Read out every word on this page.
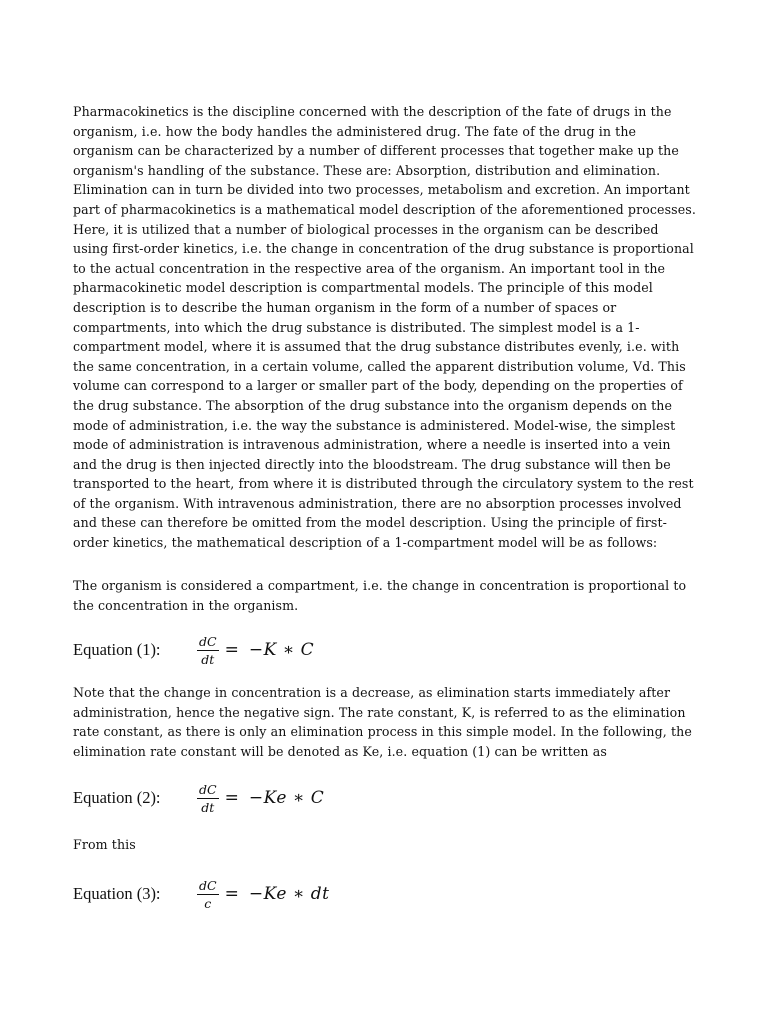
Pharmacokinetics is the discipline concerned with the description of the fate of drugs in the organism, i.e. how the body handles the administered drug. The fate of the drug in the organism can be characterized by a number of different processes that together make up the organism's handling of the substance. These are: Absorption, distribution and elimination. Elimination can in turn be divided into two processes, metabolism and excretion. An important part of pharmacokinetics is a mathematical model description of the aforementioned processes. Here, it is utilized that a number of biological processes in the organism can be described using first-order kinetics, i.e. the change in concentration of the drug substance is proportional to the actual concentration in the respective area of the organism. An important tool in the pharmacokinetic model description is compartmental models. The principle of this model description is to describe the human organism in the form of a number of spaces or compartments, into which the drug substance is distributed. The simplest model is a 1-compartment model, where it is assumed that the drug substance distributes evenly, i.e. with the same concentration, in a certain volume, called the apparent distribution volume, Vd. This volume can correspond to a larger or smaller part of the body, depending on the properties of the drug substance. The absorption of the drug substance into the organism depends on the mode of administration, i.e. the way the substance is administered. Model-wise, the simplest mode of administration is intravenous administration, where a needle is inserted into a vein and the drug is then injected directly into the bloodstream. The drug substance will then be transported to the heart, from where it is distributed through the circulatory system to the rest of the organism. With intravenous administration, there are no absorption processes involved and these can therefore be omitted from the model description. Using the principle of first-order kinetics, the mathematical description of a 1-compartment model will be as follows:

The organism is considered a compartment, i.e. the change in concentration is proportional to the concentration in the organism.

Equation (1):	$\frac{dC}{dt} = -K$ ∗ C

Note that the change in concentration is a decrease, as elimination starts immediately after administration, hence the negative sign. The rate constant, K, is referred to as the elimination rate constant, as there is only an elimination process in this simple model. In the following, the elimination rate constant will be denoted as Ke, i.e. equation (1) can be written as

Equation (2):	$\frac{dC}{dt} = -Ke$ ∗ C

From this

Equation (3):	$\frac{dC}{c} = -Ke$ ∗ dt
